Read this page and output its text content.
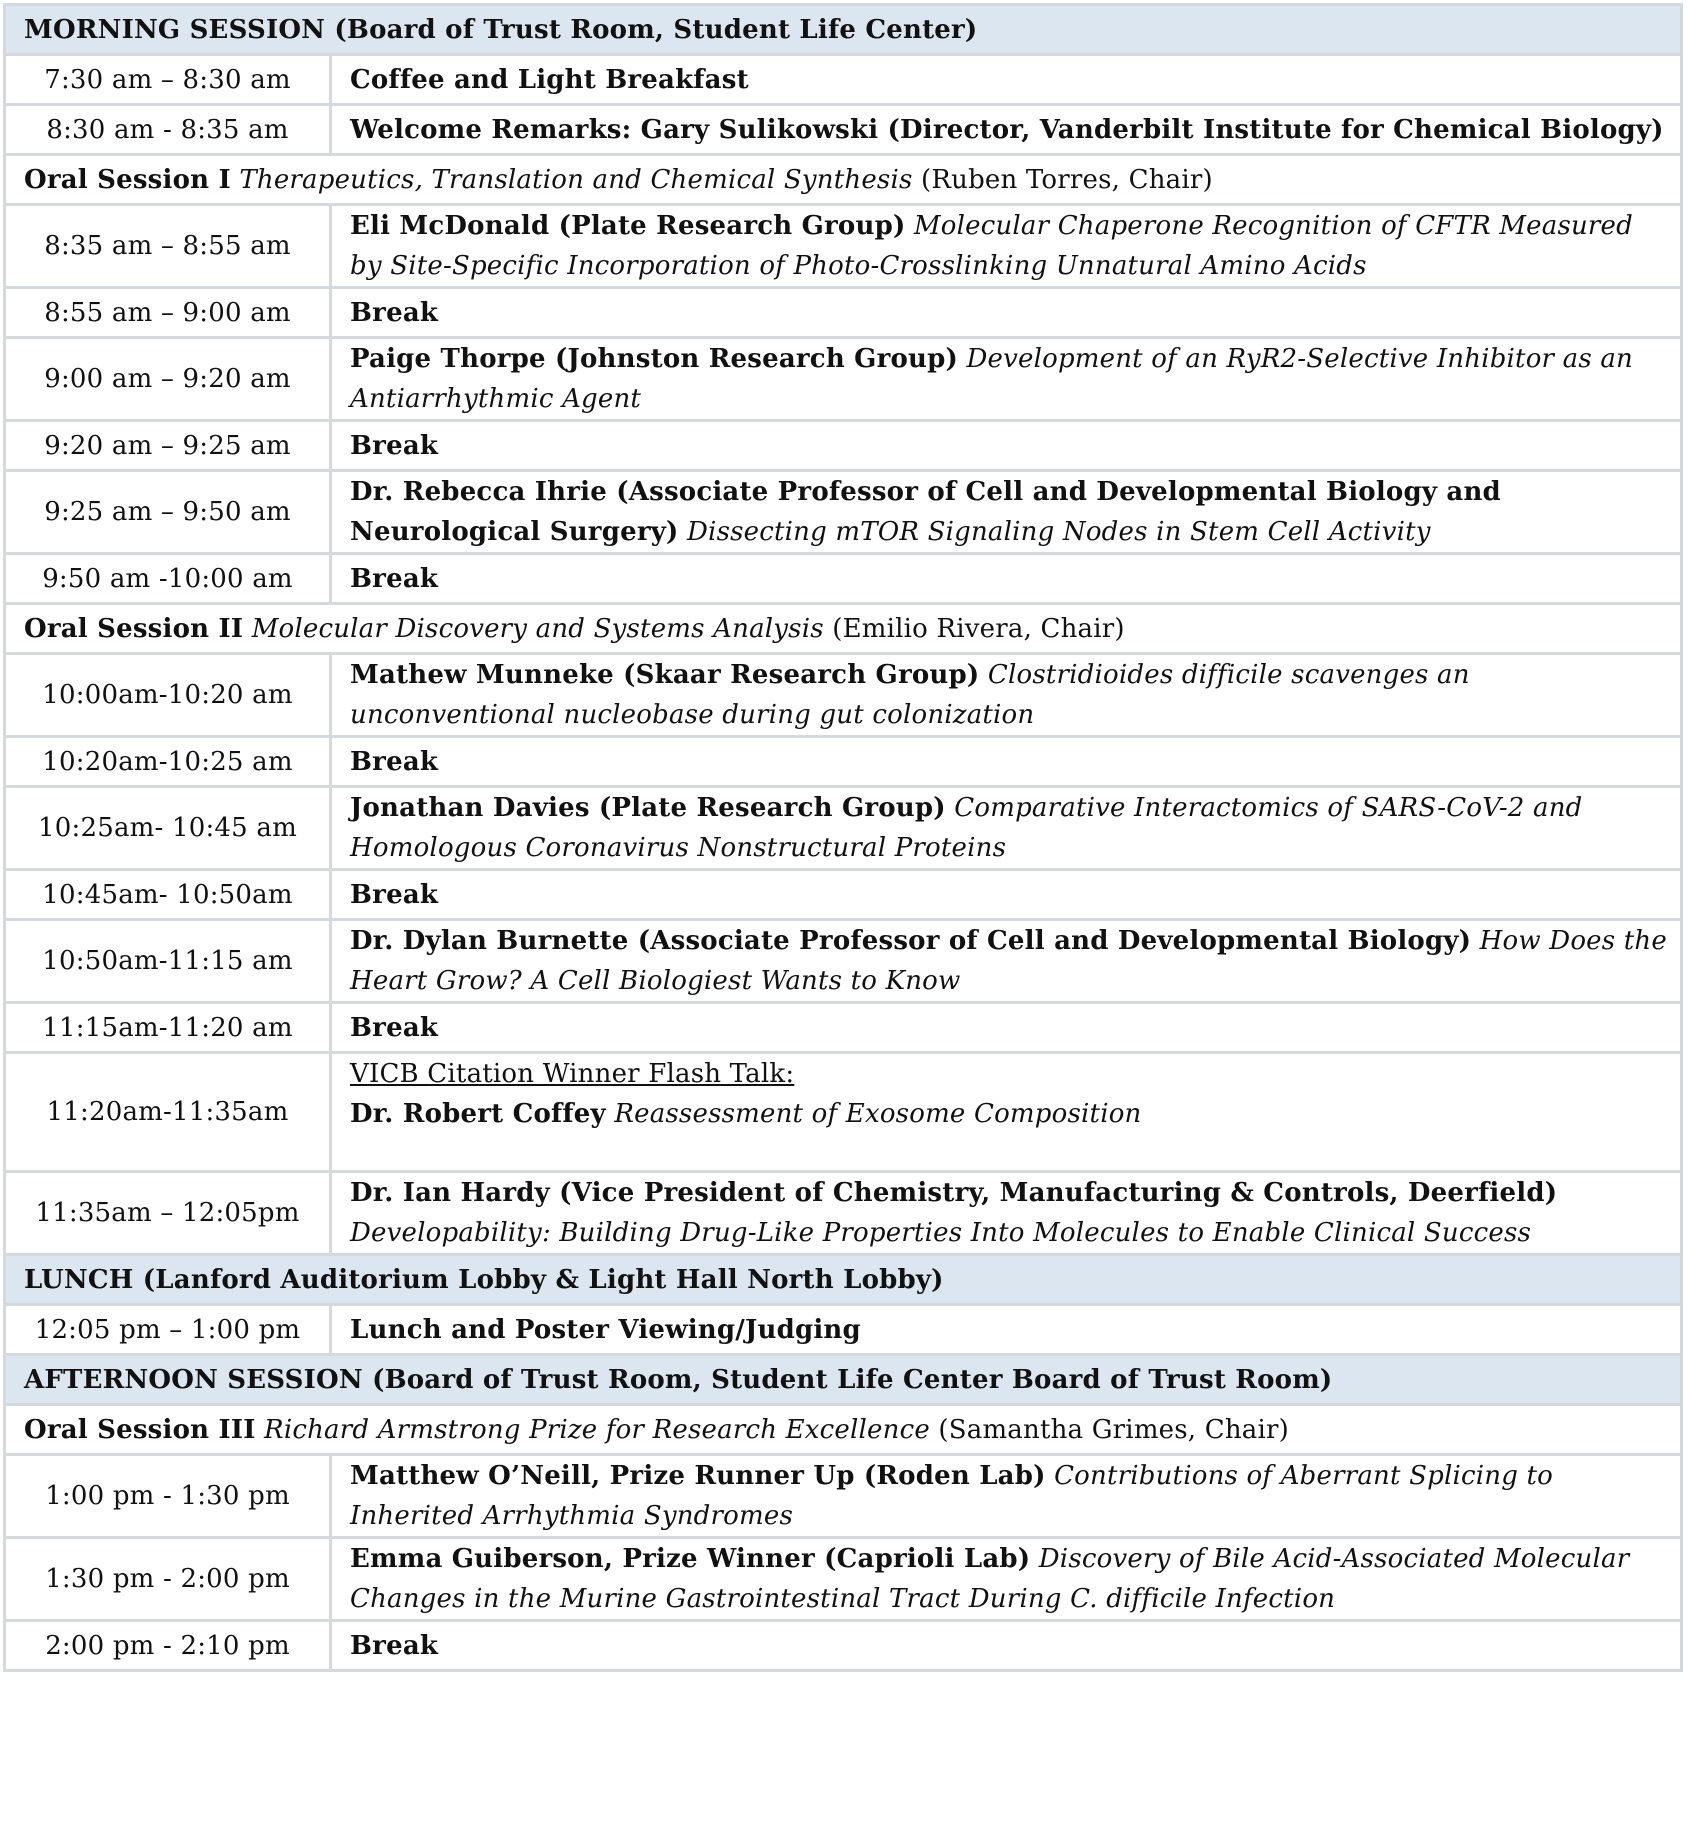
MORNING SESSION (Board of Trust Room, Student Life Center)	
7:30 am – 8:30 am	Coffee and Light Breakfast
8:30 am - 8:35 am	Welcome Remarks: Gary Sulikowski (Director, Vanderbilt Institute for Chemical Biology)
Oral Session I Therapeutics, Translation and Chemical Synthesis (Ruben Torres, Chair)	
8:35 am – 8:55 am	Eli McDonald (Plate Research Group) Molecular Chaperone Recognition of CFTR Measured by Site-Specific Incorporation of Photo-Crosslinking Unnatural Amino Acids
8:55 am – 9:00 am	Break
9:00 am – 9:20 am	Paige Thorpe (Johnston Research Group) Development of an RyR2-Selective Inhibitor as an Antiarrhythmic Agent
9:20 am – 9:25 am	Break
9:25 am – 9:50 am	Dr. Rebecca Ihrie (Associate Professor of Cell and Developmental Biology and Neurological Surgery) Dissecting mTOR Signaling Nodes in Stem Cell Activity
9:50 am -10:00 am	Break
Oral Session II Molecular Discovery and Systems Analysis (Emilio Rivera, Chair)	
10:00am-10:20 am	Mathew Munneke (Skaar Research Group) Clostridioides difficile scavenges an unconventional nucleobase during gut colonization
10:20am-10:25 am	Break
10:25am- 10:45 am	Jonathan Davies (Plate Research Group) Comparative Interactomics of SARS-CoV-2 and Homologous Coronavirus Nonstructural Proteins
10:45am- 10:50am	Break
10:50am-11:15 am	Dr. Dylan Burnette (Associate Professor of Cell and Developmental Biology) How Does the Heart Grow? A Cell Biologiest Wants to Know
11:15am-11:20 am	Break
11:20am-11:35am	VICB Citation Winner Flash Talk:
Dr. Robert Coffey Reassessment of Exosome Composition

11:35am – 12:05pm	Dr. Ian Hardy (Vice President of Chemistry, Manufacturing & Controls, Deerfield) Developability: Building Drug-Like Properties Into Molecules to Enable Clinical Success
LUNCH (Lanford Auditorium Lobby & Light Hall North Lobby)	
12:05 pm – 1:00 pm	Lunch and Poster Viewing/Judging
AFTERNOON SESSION (Board of Trust Room, Student Life Center Board of Trust Room)	
Oral Session III Richard Armstrong Prize for Research Excellence (Samantha Grimes, Chair)	
1:00 pm - 1:30 pm	Matthew O’Neill, Prize Runner Up (Roden Lab) Contributions of Aberrant Splicing to Inherited Arrhythmia Syndromes
1:30 pm - 2:00 pm	Emma Guiberson, Prize Winner (Caprioli Lab) Discovery of Bile Acid-Associated Molecular Changes in the Murine Gastrointestinal Tract During C. difficile Infection
2:00 pm - 2:10 pm	Break
